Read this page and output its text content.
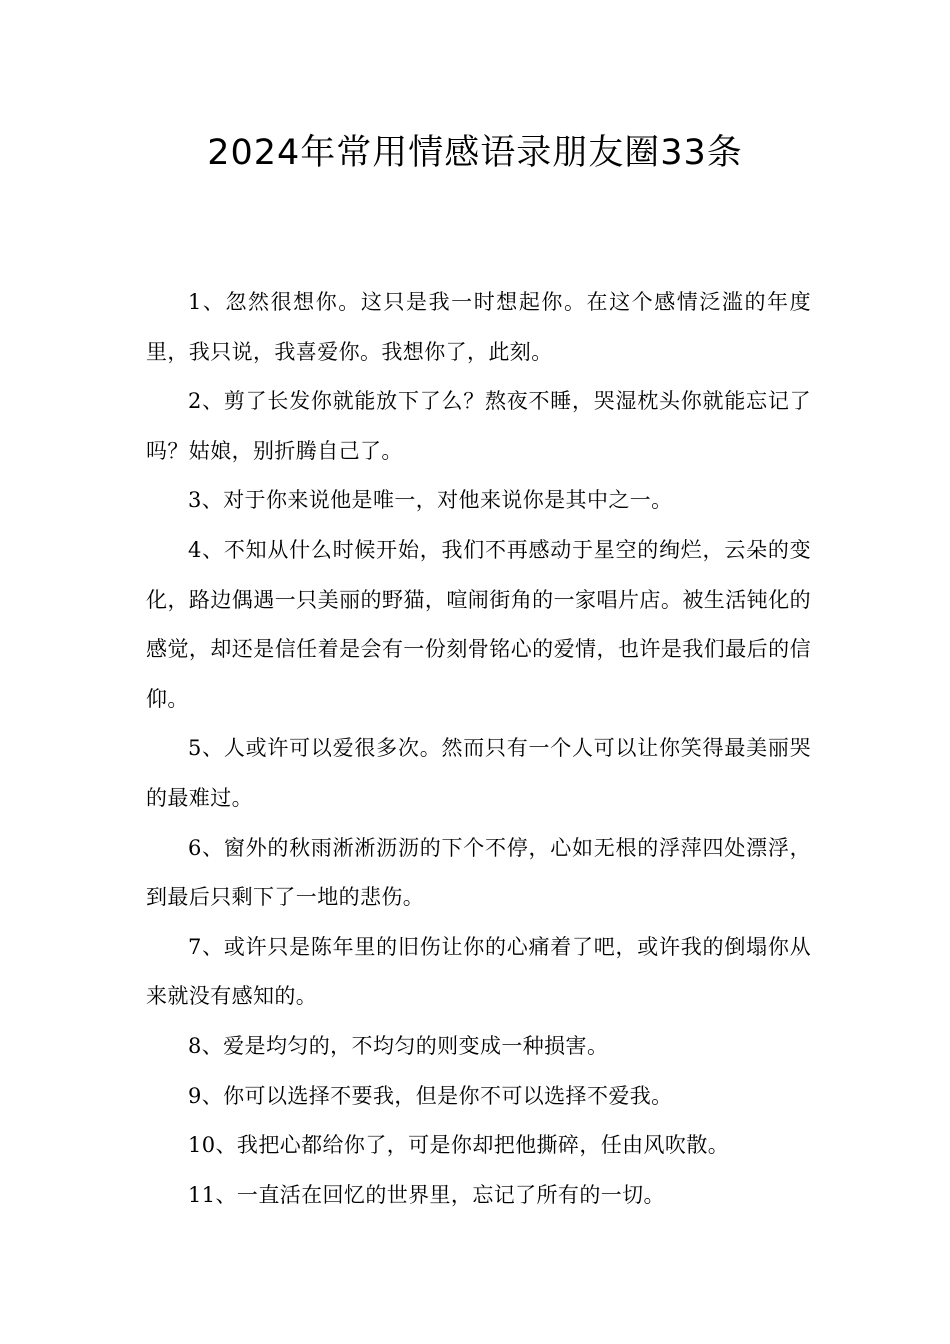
2024年常用情感语录朋友圈33条

1、忽然很想你。这只是我一时想起你。在这个感情泛滥的年度里，我只说，我喜爱你。我想你了，此刻。

2、剪了长发你就能放下了么？熬夜不睡，哭湿枕头你就能忘记了吗？姑娘，别折腾自己了。

3、对于你来说他是唯一，对他来说你是其中之一。

4、不知从什么时候开始，我们不再感动于星空的绚烂，云朵的变化，路边偶遇一只美丽的野猫，喧闹街角的一家唱片店。被生活钝化的感觉，却还是信任着是会有一份刻骨铭心的爱情，也许是我们最后的信仰。

5、人或许可以爱很多次。然而只有一个人可以让你笑得最美丽哭的最难过。

6、窗外的秋雨淅淅沥沥的下个不停，心如无根的浮萍四处漂浮，到最后只剩下了一地的悲伤。

7、或许只是陈年里的旧伤让你的心痛着了吧，或许我的倒塌你从来就没有感知的。

8、爱是均匀的，不均匀的则变成一种损害。

9、你可以选择不要我，但是你不可以选择不爱我。

10、我把心都给你了，可是你却把他撕碎，任由风吹散。

11、一直活在回忆的世界里，忘记了所有的一切。
